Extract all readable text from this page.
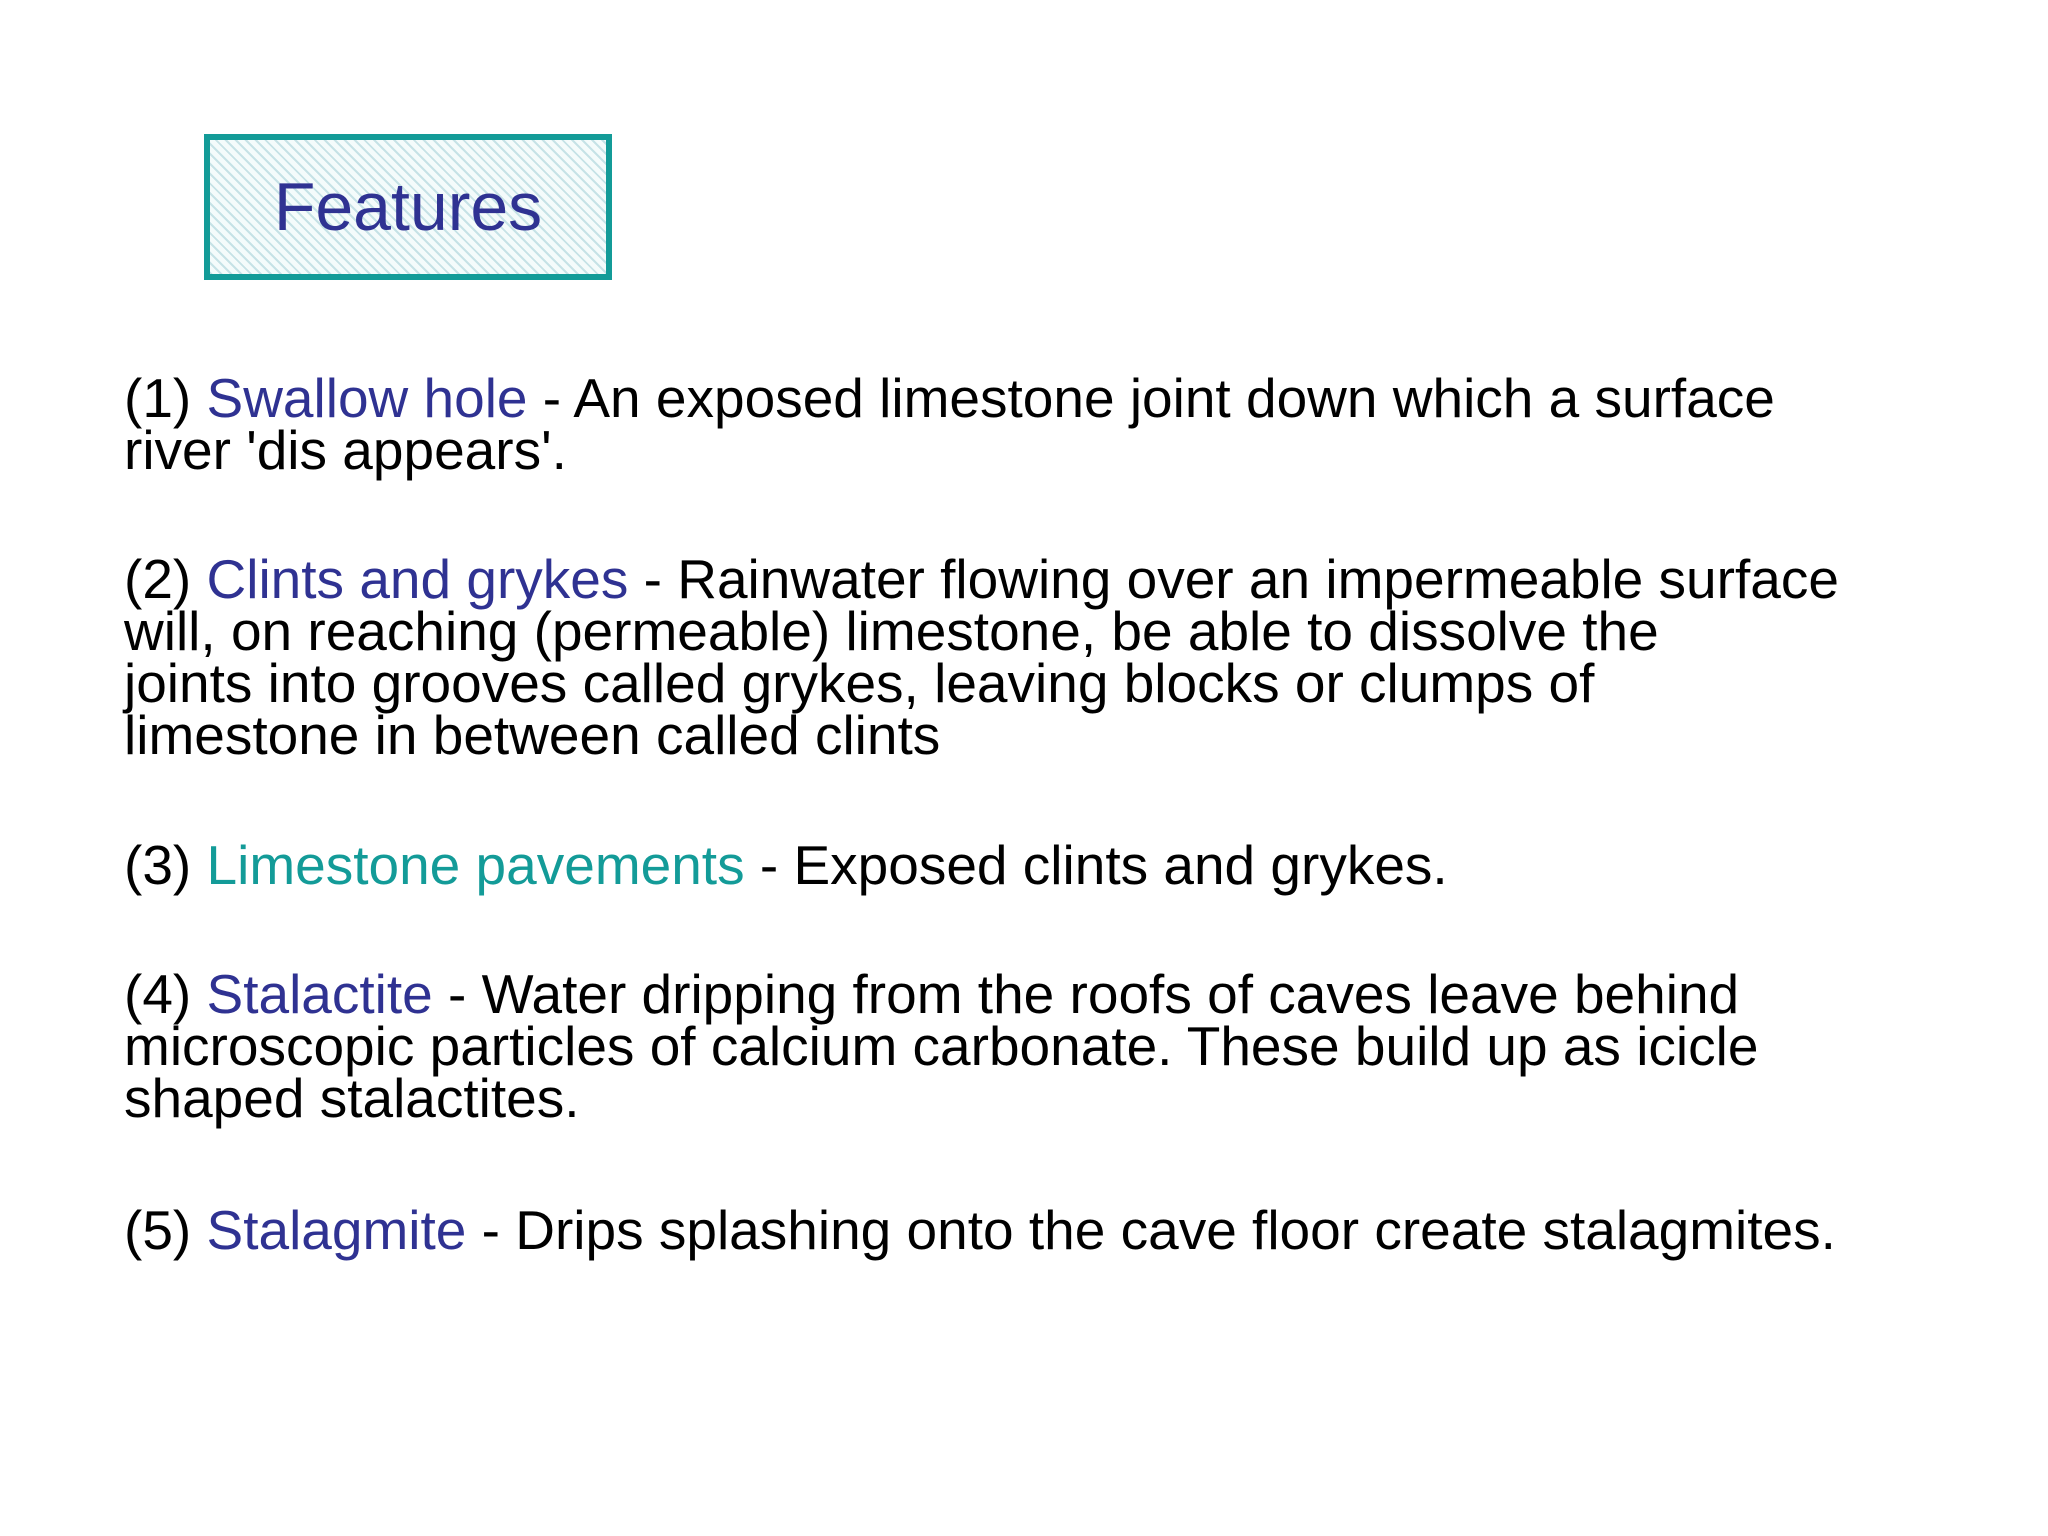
Features

(1) Swallow hole - An exposed limestone joint down which a surface
river 'dis appears'.

(2) Clints and grykes - Rainwater flowing over an impermeable surface
will, on reaching (permeable) limestone, be able to dissolve the
joints into grooves called grykes, leaving blocks or clumps of
limestone in between called clints

(3) Limestone pavements - Exposed clints and grykes.

(4) Stalactite - Water dripping from the roofs of caves leave behind
microscopic particles of calcium carbonate. These build up as icicle
shaped stalactites.

(5) Stalagmite - Drips splashing onto the cave floor create stalagmites.
